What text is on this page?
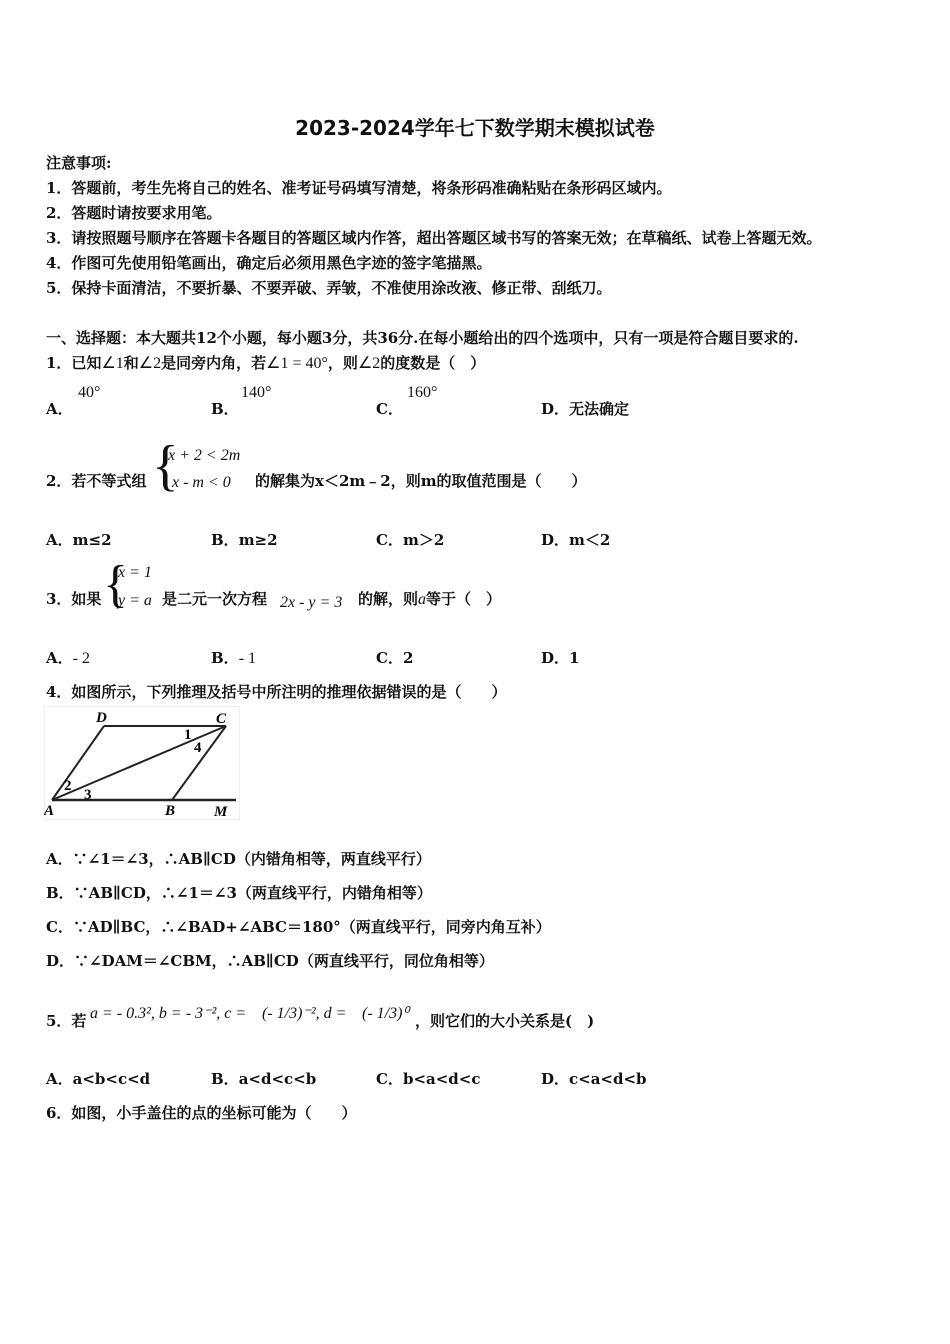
2023-2024学年七下数学期末模拟试卷
注意事项:
1．答题前，考生先将自己的姓名、准考证号码填写清楚，将条形码准确粘贴在条形码区域内。
2．答题时请按要求用笔。
3．请按照题号顺序在答题卡各题目的答题区域内作答，超出答题区域书写的答案无效；在草稿纸、试卷上答题无效。
4．作图可先使用铅笔画出，确定后必须用黑色字迹的签字笔描黑。
5．保持卡面清洁，不要折暴、不要弄破、弄皱，不准使用涂改液、修正带、刮纸刀。
一、选择题：本大题共12个小题，每小题3分，共36分.在每小题给出的四个选项中，只有一项是符合题目要求的.
1．已知∠1和∠2是同旁内角，若∠1 = 40°，则∠2的度数是（　）
A．
40°
B．
140°
C．
160°
D．无法确定
2．若不等式组 {
x + 2 < 2m
x - m < 0 的解集为x＜2m﹣2，则m的取值范围是（　　）
A．m≤2	B．m≥2	C．m＞2	D．m＜2
3．如果 {
x = 1
y = a 是二元一次方程 2x - y = 3 的解，则a等于（　）
A．- 2	B．- 1	C．2	D．1
4．如图所示，下列推理及括号中所注明的推理依据错误的是（　　）
D	C
A	B	M
1
2
3
4
A．∵∠1＝∠3，∴AB∥CD（内错角相等，两直线平行）
B．∵AB∥CD，∴∠1＝∠3（两直线平行，内错角相等）
C．∵AD∥BC，∴∠BAD+∠ABC＝180°（两直线平行，同旁内角互补）
D．∵∠DAM＝∠CBM，∴AB∥CD（两直线平行，同位角相等）
5．若 a = - 0.3², b = - 3⁻², c = (- 1/3)⁻², d = (- 1/3)⁰ ，则它们的大小关系是(　)
A．a<b<c<d	B．a<d<c<b	C．b<a<d<c	D．c<a<d<b
6．如图，小手盖住的点的坐标可能为（　　）
